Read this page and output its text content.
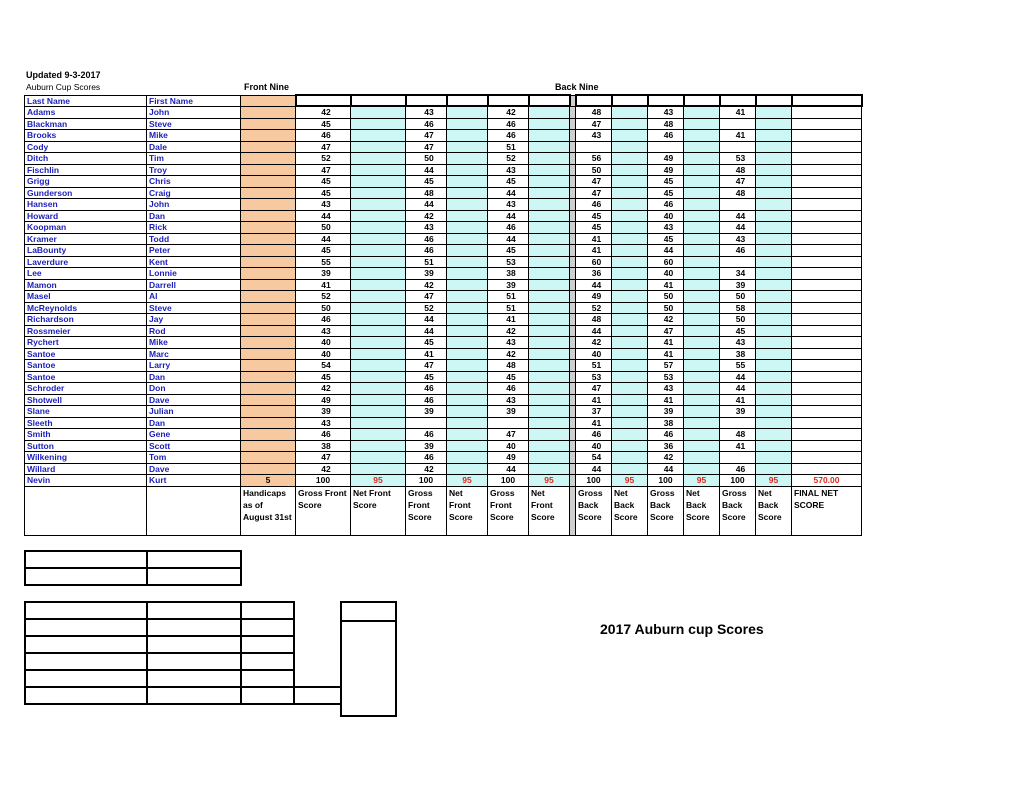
Updated 9-3-2017
Auburn Cup Scores	Front Nine	Back Nine
Last Name	First Name															
Adams	John		42		43		42			48		43		41		
Blackman	Steve		45		46		46			47		48				
Brooks	Mike		46		47		46			43		46		41		
Cody	Dale		47		47		51									
Ditch	Tim		52		50		52			56		49		53		
Fischlin	Troy		47		44		43			50		49		48		
Grigg	Chris		45		45		45			47		45		47		
Gunderson	Craig		45		48		44			47		45		48		
Hansen	John		43		44		43			46		46				
Howard	Dan		44		42		44			45		40		44		
Koopman	Rick		50		43		46			45		43		44		
Kramer	Todd		44		46		44			41		45		43		
LaBounty	Peter		45		46		45			41		44		46		
Laverdure	Kent		55		51		53			60		60				
Lee	Lonnie		39		39		38			36		40		34		
Mamon	Darrell		41		42		39			44		41		39		
Masel	Al		52		47		51			49		50		50		
McReynolds	Steve		50		52		51			52		50		58		
Richardson	Jay		46		44		41			48		42		50		
Rossmeier	Rod		43		44		42			44		47		45		
Rychert	Mike		40		45		43			42		41		43		
Santoe	Marc		40		41		42			40		41		38		
Santoe	Larry		54		47		48			51		57		55		
Santoe	Dan		45		45		45			53		53		44		
Schroder	Don		42		46		46			47		43		44		
Shotwell	Dave		49		46		43			41		41		41		
Slane	Julian		39		39		39			37		39		39		
Sleeth	Dan		43							41		38				
Smith	Gene		46		46		47			46		46		48		
Sutton	Scott		38		39		40			40		36		41		
Wilkening	Tom		47		46		49			54		42				
Willard	Dave		42		42		44			44		44		46		
Nevin	Kurt	5	100	95	100	95	100	95		100	95	100	95	100	95	570.00
		Handicaps as of August 31st	Gross Front Score	Net Front Score	Gross Front Score	Net Front Score	Gross Front Score	Net Front Score		Gross Back Score	Net Back Score	Gross Back Score	Net Back Score	Gross Back Score	Net Back Score	FINAL NET SCORE

2017 Auburn cup Scores
